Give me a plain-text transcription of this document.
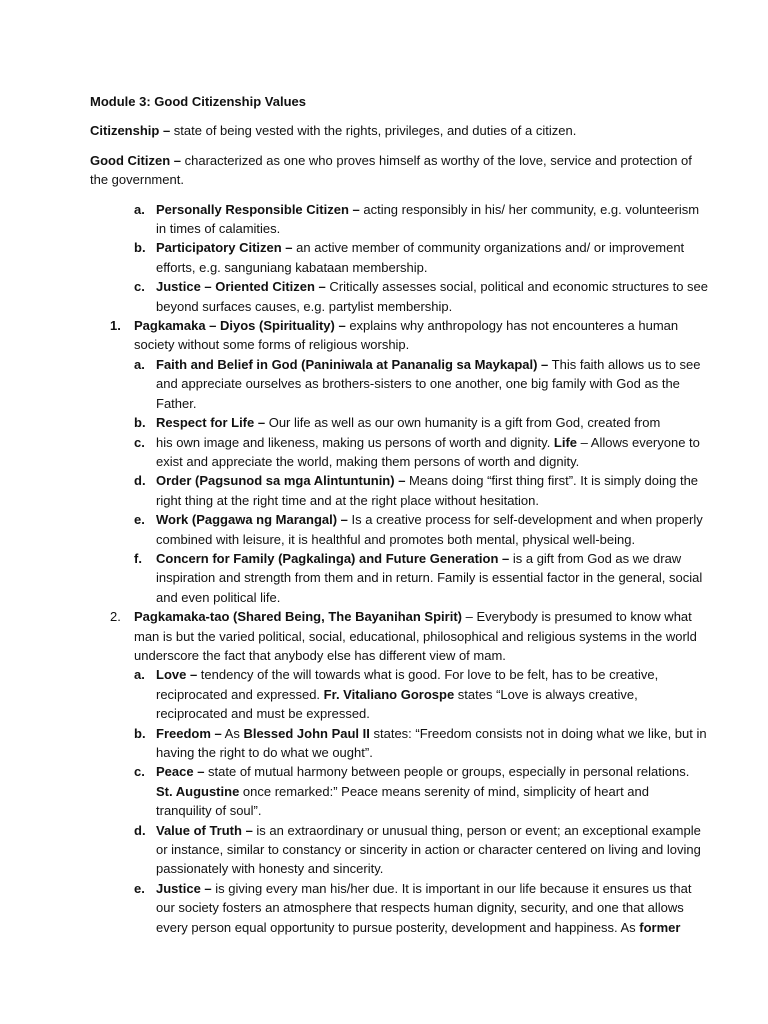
Module 3: Good Citizenship Values

Citizenship – state of being vested with the rights, privileges, and duties of a citizen.

Good Citizen – characterized as one who proves himself as worthy of the love, service and protection of the government.

a. Personally Responsible Citizen – acting responsibly in his/ her community, e.g. volunteerism in times of calamities.
b. Participatory Citizen – an active member of community organizations and/ or improvement efforts, e.g. sanguniang kabataan membership.
c. Justice – Oriented Citizen – Critically assesses social, political and economic structures to see beyond surfaces causes, e.g. partylist membership.
1. Pagkamaka – Diyos (Spirituality) – explains why anthropology has not encounteres a human society without some forms of religious worship.
a. Faith and Belief in God (Paniniwala at Pananalig sa Maykapal) – This faith allows us to see and appreciate ourselves as brothers-sisters to one another, one big family with God as the Father.
b. Respect for Life – Our life as well as our own humanity is a gift from God, created from
c. his own image and likeness, making us persons of worth and dignity. Life – Allows everyone to exist and appreciate the world, making them persons of worth and dignity.
d. Order (Pagsunod sa mga Alintuntunin) – Means doing “first thing first”. It is simply doing the right thing at the right time and at the right place without hesitation.
e. Work (Paggawa ng Marangal) – Is a creative process for self-development and when properly combined with leisure, it is healthful and promotes both mental, physical well-being.
f. Concern for Family (Pagkalinga) and Future Generation – is a gift from God as we draw inspiration and strength from them and in return. Family is essential factor in the general, social and even political life.
2. Pagkamaka-tao (Shared Being, The Bayanihan Spirit) – Everybody is presumed to know what man is but the varied political, social, educational, philosophical and religious systems in the world underscore the fact that anybody else has different view of mam.
a. Love – tendency of the will towards what is good. For love to be felt, has to be creative, reciprocated and expressed. Fr. Vitaliano Gorospe states “Love is always creative, reciprocated and must be expressed.
b. Freedom – As Blessed John Paul II states: “Freedom consists not in doing what we like, but in having the right to do what we ought”.
c. Peace – state of mutual harmony between people or groups, especially in personal relations. St. Augustine once remarked:” Peace means serenity of mind, simplicity of heart and tranquility of soul”.
d. Value of Truth – is an extraordinary or unusual thing, person or event; an exceptional example or instance, similar to constancy or sincerity in action or character centered on living and loving passionately with honesty and sincerity.
e. Justice – is giving every man his/her due. It is important in our life because it ensures us that our society fosters an atmosphere that respects human dignity, security, and one that allows every person equal opportunity to pursue posterity, development and happiness. As former
